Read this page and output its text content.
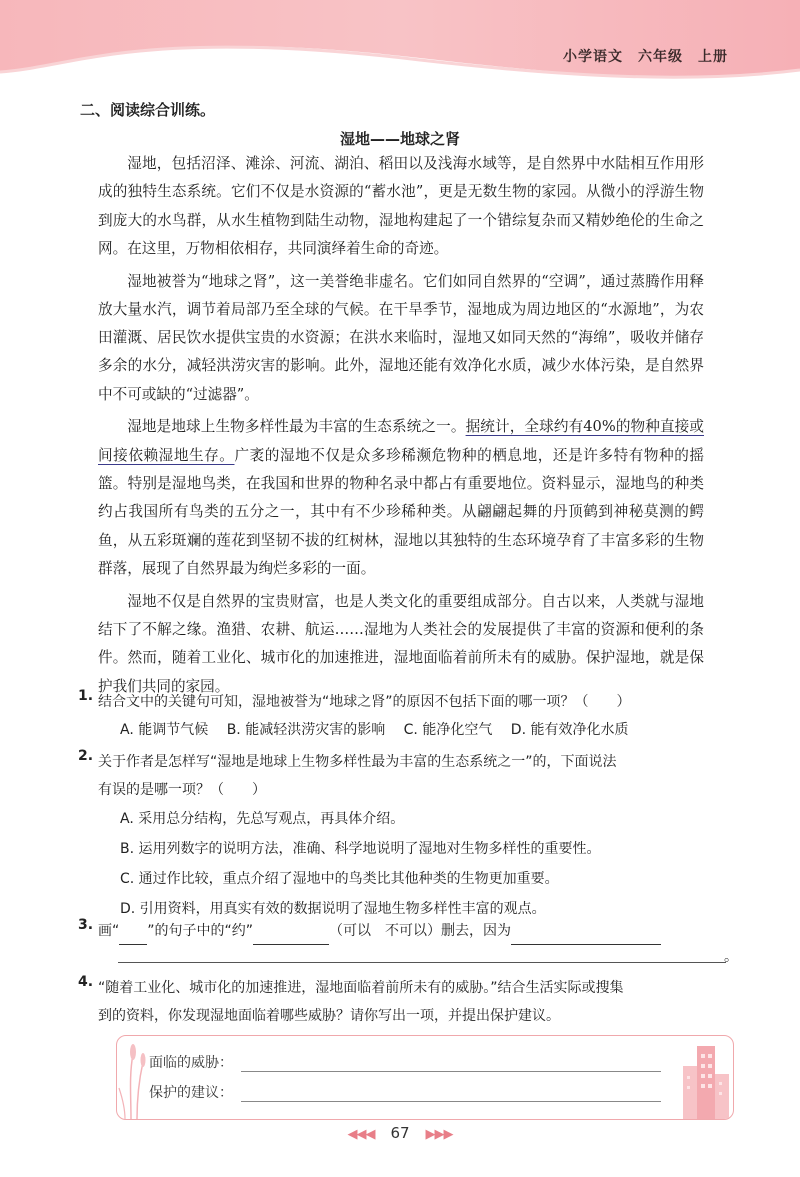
小学语文　六年级　上册
二、阅读综合训练。
湿地——地球之肾

湿地，包括沼泽、滩涂、河流、湖泊、稻田以及浅海水域等，是自然界中水陆相互作用形成的独特生态系统。它们不仅是水资源的“蓄水池”，更是无数生物的家园。从微小的浮游生物到庞大的水鸟群，从水生植物到陆生动物，湿地构建起了一个错综复杂而又精妙绝伦的生命之网。在这里，万物相依相存，共同演绎着生命的奇迹。

湿地被誉为“地球之肾”，这一美誉绝非虚名。它们如同自然界的“空调”，通过蒸腾作用释放大量水汽，调节着局部乃至全球的气候。在干旱季节，湿地成为周边地区的“水源地”，为农田灌溉、居民饮水提供宝贵的水资源；在洪水来临时，湿地又如同天然的“海绵”，吸收并储存多余的水分，减轻洪涝灾害的影响。此外，湿地还能有效净化水质，减少水体污染，是自然界中不可或缺的“过滤器”。

湿地是地球上生物多样性最为丰富的生态系统之一。据统计，全球约有40%的物种直接或间接依赖湿地生存。广袤的湿地不仅是众多珍稀濒危物种的栖息地，还是许多特有物种的摇篮。特别是湿地鸟类，在我国和世界的物种名录中都占有重要地位。资料显示，湿地鸟的种类约占我国所有鸟类的五分之一，其中有不少珍稀种类。从翩翩起舞的丹顶鹤到神秘莫测的鳄鱼，从五彩斑斓的莲花到坚韧不拔的红树林，湿地以其独特的生态环境孕育了丰富多彩的生物群落，展现了自然界最为绚烂多彩的一面。

湿地不仅是自然界的宝贵财富，也是人类文化的重要组成部分。自古以来，人类就与湿地结下了不解之缘。渔猎、农耕、航运……湿地为人类社会的发展提供了丰富的资源和便利的条件。然而，随着工业化、城市化的加速推进，湿地面临着前所未有的威胁。保护湿地，就是保护我们共同的家园。

1. 结合文中的关键句可知，湿地被誉为“地球之肾”的原因不包括下面的哪一项？（　　）
A. 能调节气候 B. 能减轻洪涝灾害的影响 C. 能净化空气 D. 能有效净化水质
2. 关于作者是怎样写“湿地是地球上生物多样性最为丰富的生态系统之一”的，下面说法
有误的是哪一项？（　　）
A. 采用总分结构，先总写观点，再具体介绍。
B. 运用列数字的说明方法，准确、科学地说明了湿地对生物多样性的重要性。
C. 通过作比较，重点介绍了湿地中的鸟类比其他种类的生物更加重要。
D. 引用资料，用真实有效的数据说明了湿地生物多样性丰富的观点。
3. 画“ ”的句子中的“约”	（可以　不可以）删去，因为
。
4. “随着工业化、城市化的加速推进，湿地面临着前所未有的威胁。”结合生活实际或搜集
到的资料，你发现湿地面临着哪些威胁？请你写出一项，并提出保护建议。
面临的威胁：
保护的建议：
◀◀◀ 67 ▶▶▶
